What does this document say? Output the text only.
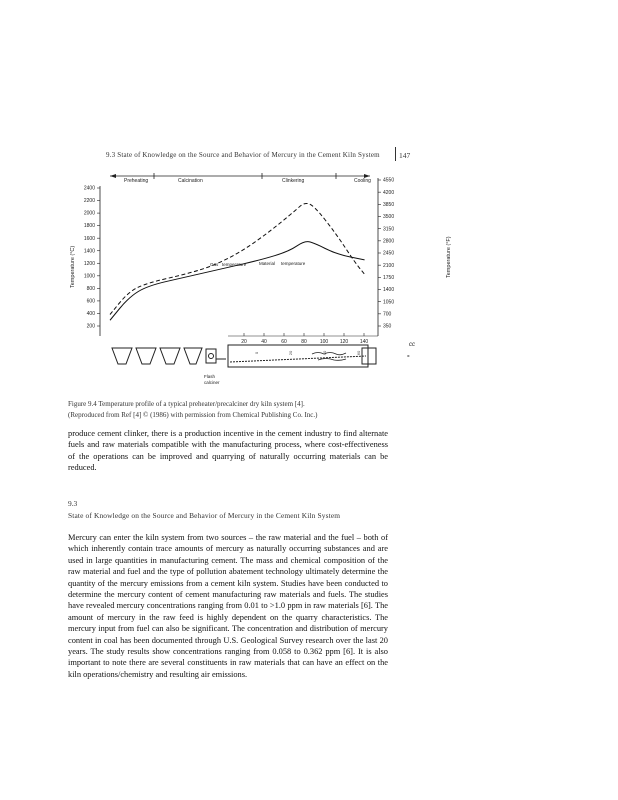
9.3 State of Knowledge on the Source and Behavior of Mercury in the Cement Kiln System	147
Preheating	Calcination	Clinkering	Cooling
200
400
600
800
1000
1200
1400
1600
1800
2000
2200
2400
4550
4200
3850
3500
3150
2800
2450
2100
1750
1400
1050
700
350
20	40	60	80	100 120 140
Temperature (°C)	Temperature (°F)
Gas temperature	Material temperature
cc
-
0	20	40	60
Flash
calciner
Figure 9.4 Temperature profile of a typical preheater/precalciner dry kiln system [4].
(Reproduced from Ref [4] © (1986) with permission from Chemical Publishing Co. Inc.)
produce cement clinker, there is a production incentive in the cement industry to find alternate fuels and raw materials compatible with the manufacturing process, where cost-effectiveness of the operations can be improved and quarrying of naturally occurring materials can be reduced.
9.3
State of Knowledge on the Source and Behavior of Mercury in the Cement Kiln System
Mercury can enter the kiln system from two sources – the raw material and the fuel – both of which inherently contain trace amounts of mercury as naturally occurring substances and are used in large quantities in manufacturing cement. The mass and chemical composition of the raw material and fuel and the type of pollution abatement technology ultimately determine the quantity of the mercury emissions from a cement kiln system. Studies have been conducted to determine the mercury content of cement manufacturing raw materials and fuels. The studies have revealed mercury concentrations ranging from 0.01 to >1.0 ppm in raw materials [6]. The amount of mercury in the raw feed is highly dependent on the quarry characteristics. The mercury input from fuel can also be significant. The concentration and distribution of mercury content in coal has been documented through U.S. Geological Survey research over the last 20 years. The study results show concentrations ranging from 0.058 to 0.362 ppm [6]. It is also important to note there are several constituents in raw materials that can have an effect on the kiln operations/chemistry and resulting air emissions.
